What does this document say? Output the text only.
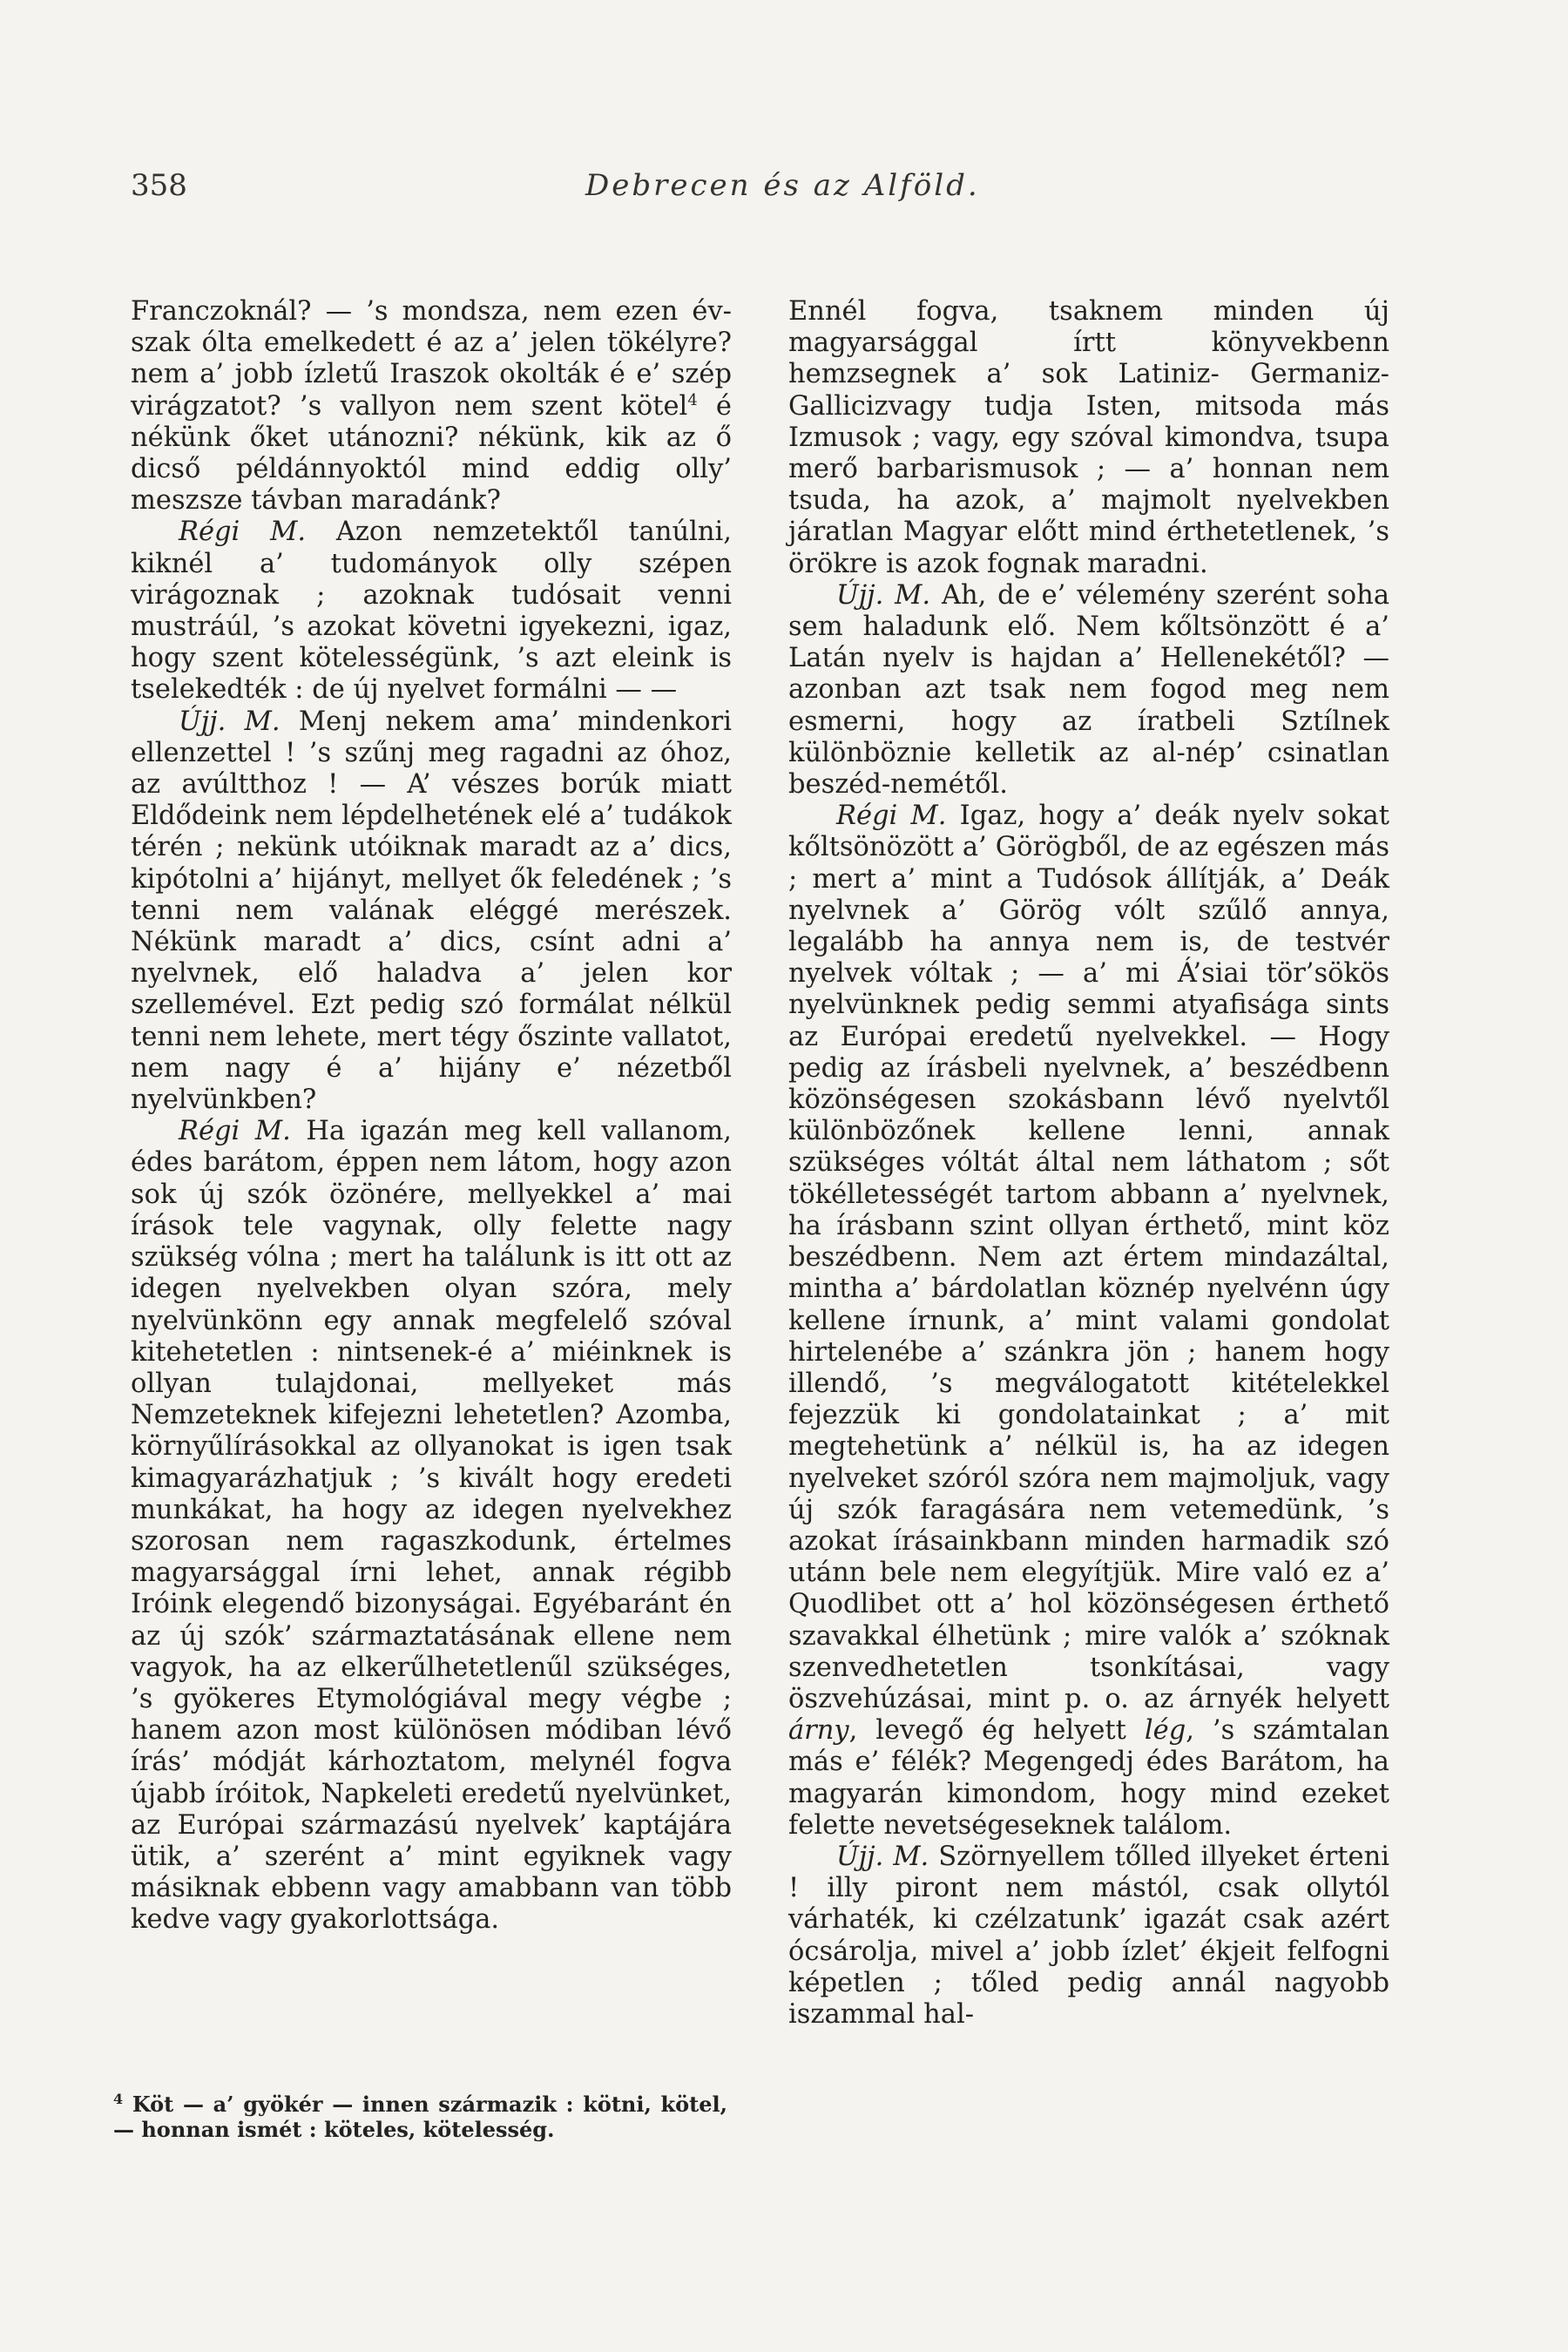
358	Debrecen és az Alföld.

Franczoknál? — ’s mondsza, nem ezen év-szak ólta emelkedett é az a’ jelen tökélyre? nem a’ jobb ízletű Iraszok okolták é e’ szép virágzatot? ’s vallyon nem szent kötel$^4$ é nékünk őket utánozni? nékünk, kik az ő dicső példánnyoktól mind eddig olly’ meszsze távban maradánk?

Régi M. Azon nemzetektől tanúlni, kiknél a’ tudományok olly szépen virágoznak ; azoknak tudósait venni mustráúl, ’s azokat követni igyekezni, igaz, hogy szent kötelességünk, ’s azt eleink is tselekedték : de új nyelvet formálni — —

Újj. M. Menj nekem ama’ mindenkori ellenzettel ! ’s szűnj meg ragadni az óhoz, az avúltthoz ! — A’ vészes borúk miatt Eldődeink nem lépdelhetének elé a’ tudákok térén ; nekünk utóiknak maradt az a’ dics, kipótolni a’ hijányt, mellyet ők feledének ; ’s tenni nem valának eléggé merészek. Nékünk maradt a’ dics, csínt adni a’ nyelvnek, elő haladva a’ jelen kor szellemével. Ezt pedig szó formálat nélkül tenni nem lehete, mert tégy őszinte vallatot, nem nagy é a’ hijány e’ nézetből nyelvünkben?

Régi M. Ha igazán meg kell vallanom, édes barátom, éppen nem látom, hogy azon sok új szók özönére, mellyekkel a’ mai írások tele vagynak, olly felette nagy szükség vólna ; mert ha találunk is itt ott az idegen nyelvekben olyan szóra, mely nyelvünkönn egy annak megfelelő szóval kitehetetlen : nintsenek-é a’ miéinknek is ollyan tulajdonai, mellyeket más Nemzeteknek kifejezni lehetetlen? Azomba, környűlírásokkal az ollyanokat is igen tsak kimagyarázhatjuk ; ’s kivált hogy eredeti munkákat, ha hogy az idegen nyelvekhez szorosan nem ragaszkodunk, értelmes magyarsággal írni lehet, annak régibb Iróink elegendő bizonyságai. Egyébaránt én az új szók’ származtatásának ellene nem vagyok, ha az elkerűlhetetlenűl szükséges, ’s gyökeres Etymológiával megy végbe ; hanem azon most különösen módiban lévő írás’ módját kárhoztatom, melynél fogva újabb íróitok, Napkeleti eredetű nyelvünket, az Európai származású nyelvek’ kaptájára ütik, a’ szerént a’ mint egyiknek vagy másiknak ebbenn vagy amabbann van több kedve vagy gyakorlottsága.

$^4$ Köt — a’ gyökér — innen származik : kötni, kötel, — honnan ismét : köteles, kötelesség.

Ennél fogva, tsaknem minden új magyarsággal írtt könyvekbenn hemzsegnek a’ sok Latiniz- Germaniz- Gallicizvagy tudja Isten, mitsoda más Izmusok ; vagy, egy szóval kimondva, tsupa merő barbarismusok ; — a’ honnan nem tsuda, ha azok, a’ majmolt nyelvekben járatlan Magyar előtt mind érthetetlenek, ’s örökre is azok fognak maradni.

Újj. M. Ah, de e’ vélemény szerént soha sem haladunk elő. Nem kőltsönzött é a’ Latán nyelv is hajdan a’ Hellenekétől? — azonban azt tsak nem fogod meg nem esmerni, hogy az íratbeli Sztílnek különböznie kelletik az al-nép’ csinatlan beszéd-nemétől.

Régi M. Igaz, hogy a’ deák nyelv sokat kőltsönözött a’ Görögből, de az egészen más ; mert a’ mint a Tudósok állítják, a’ Deák nyelvnek a’ Görög vólt szűlő annya, legalább ha annya nem is, de testvér nyelvek vóltak ; — a’ mi Á’siai tör’sökös nyelvünknek pedig semmi atyafisága sints az Európai eredetű nyelvekkel. — Hogy pedig az írásbeli nyelvnek, a’ beszédbenn közönségesen szokásbann lévő nyelvtől különbözőnek kellene lenni, annak szükséges vóltát által nem láthatom ; sőt tökélletességét tartom abbann a’ nyelvnek, ha írásbann szint ollyan érthető, mint köz beszédbenn. Nem azt értem mindazáltal, mintha a’ bárdolatlan köznép nyelvénn úgy kellene írnunk, a’ mint valami gondolat hirtelenébe a’ szánkra jön ; hanem hogy illendő, ’s megválogatott kitételekkel fejezzük ki gondolatainkat ; a’ mit megtehetünk a’ nélkül is, ha az idegen nyelveket szóról szóra nem majmoljuk, vagy új szók faragására nem vetemedünk, ’s azokat írásainkbann minden harmadik szó utánn bele nem elegyítjük. Mire való ez a’ Quodlibet ott a’ hol közönségesen érthető szavakkal élhetünk ; mire valók a’ szóknak szenvedhetetlen tsonkításai, vagy öszvehúzásai, mint p. o. az árnyék helyett árny, levegő ég helyett lég, ’s számtalan más e’ félék? Megengedj édes Barátom, ha magyarán kimondom, hogy mind ezeket felette nevetségeseknek találom.

Újj. M. Szörnyellem tőlled illyeket érteni ! illy piront nem mástól, csak ollytól várhaték, ki czélzatunk’ igazát csak azért ócsárolja, mivel a’ jobb ízlet’ ékjeit felfogni képetlen ; tőled pedig annál nagyobb iszammal hal-
